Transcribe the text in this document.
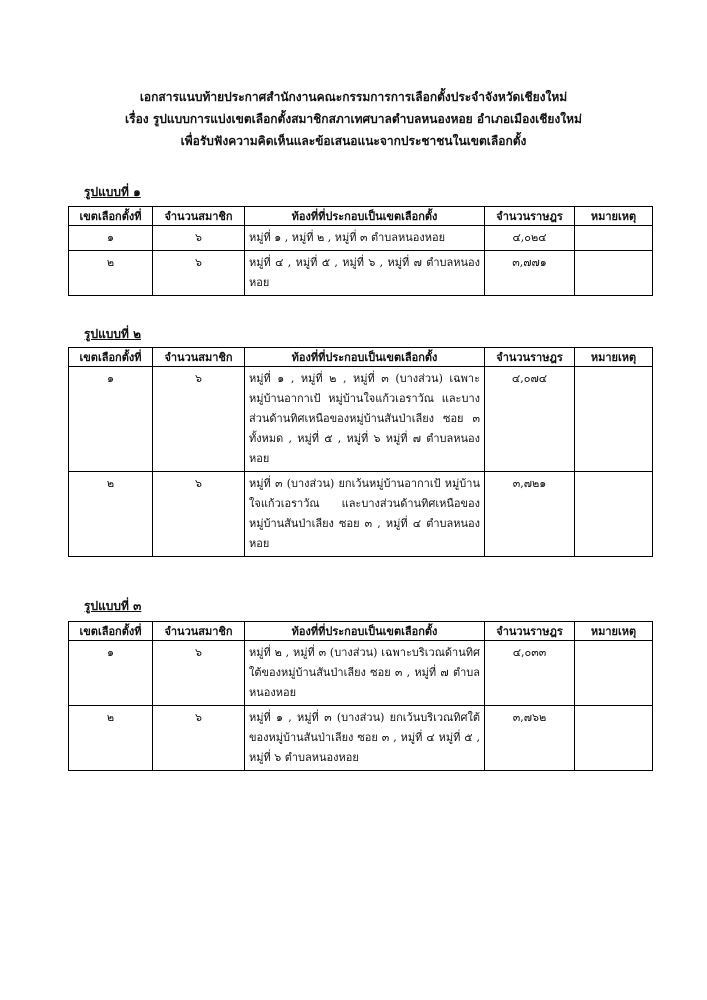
เอกสารแนบท้ายประกาศสำนักงานคณะกรรมการการเลือกตั้งประจำจังหวัดเชียงใหม่
เรื่อง รูปแบบการแบ่งเขตเลือกตั้งสมาชิกสภาเทศบาลตำบลหนองหอย อำเภอเมืองเชียงใหม่
เพื่อรับฟังความคิดเห็นและข้อเสนอแนะจากประชาชนในเขตเลือกตั้ง
รูปแบบที่ ๑
เขตเลือกตั้งที่	จำนวนสมาชิก	ท้องที่ที่ประกอบเป็นเขตเลือกตั้ง	จำนวนราษฎร	หมายเหตุ
๑	๖	หมู่ที่ ๑ , หมู่ที่ ๒ , หมู่ที่ ๓ ตำบลหนองหอย	๔,๐๒๔	
๒	๖	หมู่ที่ ๔ , หมู่ที่ ๕ , หมู่ที่ ๖ , หมู่ที่ ๗ ตำบลหนองหอย	๓,๗๗๑	
รูปแบบที่ ๒
เขตเลือกตั้งที่	จำนวนสมาชิก	ท้องที่ที่ประกอบเป็นเขตเลือกตั้ง	จำนวนราษฎร	หมายเหตุ
๑	๖	หมู่ที่ ๑ , หมู่ที่ ๒ , หมู่ที่ ๓ (บางส่วน) เฉพาะหมู่บ้านอากาเป้ หมู่บ้านใจแก้วเอราวัณ และบางส่วนด้านทิศเหนือของหมู่บ้านสันป่าเลียง ซอย ๓ ทั้งหมด , หมู่ที่ ๕ , หมู่ที่ ๖ หมู่ที่ ๗ ตำบลหนองหอย	๔,๐๗๔	
๒	๖	หมู่ที่ ๓ (บางส่วน) ยกเว้นหมู่บ้านอากาเป้ หมู่บ้านใจแก้วเอราวัณ และบางส่วนด้านทิศเหนือของหมู่บ้านสันป่าเลียง ซอย ๓ , หมู่ที่ ๔ ตำบลหนองหอย	๓,๗๒๑	
รูปแบบที่ ๓
เขตเลือกตั้งที่	จำนวนสมาชิก	ท้องที่ที่ประกอบเป็นเขตเลือกตั้ง	จำนวนราษฎร	หมายเหตุ
๑	๖	หมู่ที่ ๒ , หมู่ที่ ๓ (บางส่วน) เฉพาะบริเวณด้านทิศใต้ของหมู่บ้านสันป่าเลียง ซอย ๓ , หมู่ที่ ๗ ตำบลหนองหอย	๔,๐๓๓	
๒	๖	หมู่ที่ ๑ , หมู่ที่ ๓ (บางส่วน) ยกเว้นบริเวณทิศใต้ของหมู่บ้านสันป่าเลียง ซอย ๓ , หมู่ที่ ๔ หมู่ที่ ๕ , หมู่ที่ ๖ ตำบลหนองหอย	๓,๗๖๒	
